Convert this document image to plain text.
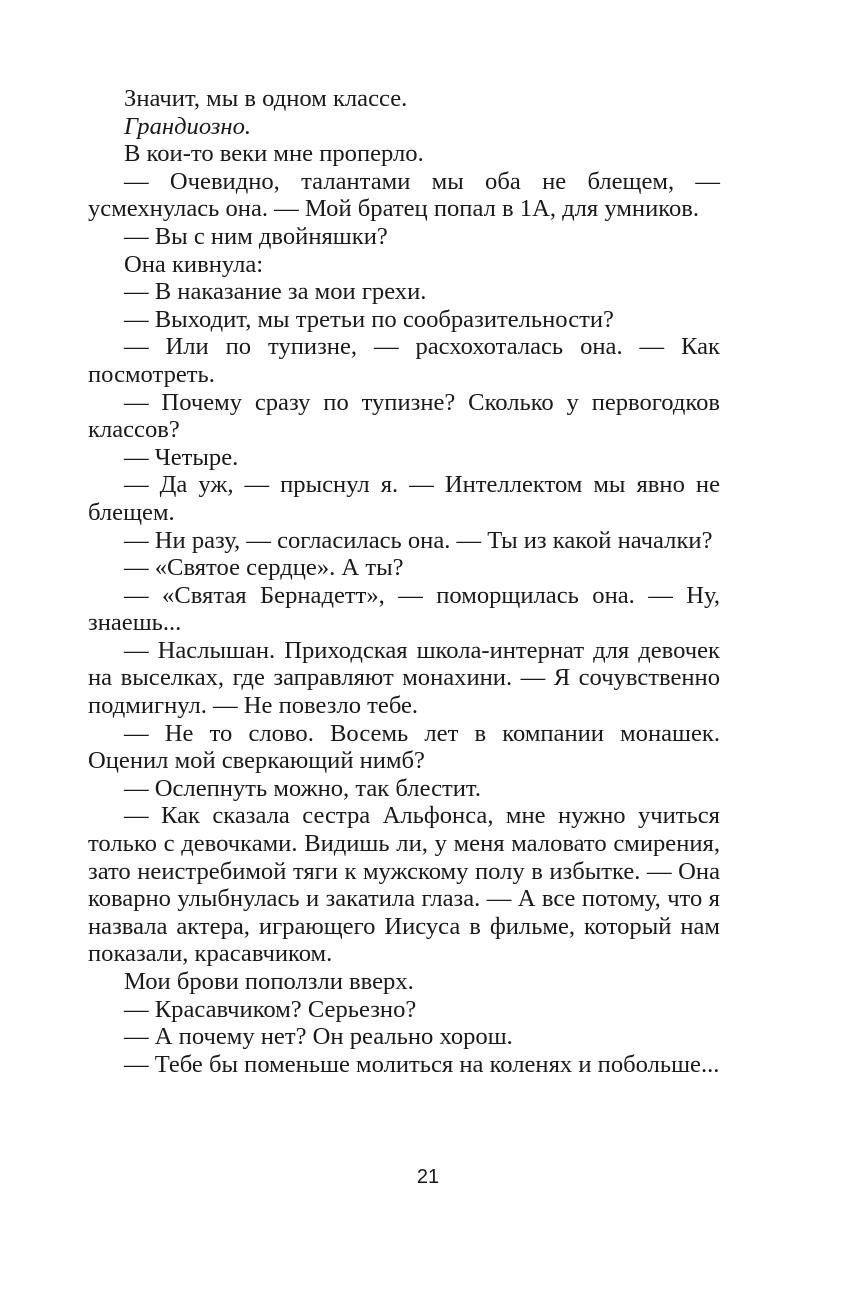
Значит, мы в одном классе.

Грандиозно.

В кои-то веки мне проперло.

— Очевидно, талантами мы оба не блещем, — усмехнулась она. — Мой братец попал в 1А, для умников.

— Вы с ним двойняшки?

Она кивнула:

— В наказание за мои грехи.

— Выходит, мы третьи по сообразительности?

— Или по тупизне, — расхохоталась она. — Как посмотреть.

— Почему сразу по тупизне? Сколько у первогодков классов?

— Четыре.

— Да уж, — прыснул я. — Интеллектом мы явно не блещем.

— Ни разу, — согласилась она. — Ты из какой началки?

— «Святое сердце». А ты?

— «Святая Бернадетт», — поморщилась она. — Ну, знаешь...

— Наслышан. Приходская школа-интернат для девочек на выселках, где заправляют монахини. — Я сочувственно подмигнул. — Не повезло тебе.

— Не то слово. Восемь лет в компании монашек. Оценил мой сверкающий нимб?

— Ослепнуть можно, так блестит.

— Как сказала сестра Альфонса, мне нужно учиться только с девочками. Видишь ли, у меня маловато смирения, зато неистребимой тяги к мужскому полу в избытке. — Она коварно улыбнулась и закатила глаза. — А все потому, что я назвала актера, играющего Иисуса в фильме, который нам показали, красавчиком.

Мои брови поползли вверх.

— Красавчиком? Серьезно?

— А почему нет? Он реально хорош.

— Тебе бы поменьше молиться на коленях и побольше...

21
